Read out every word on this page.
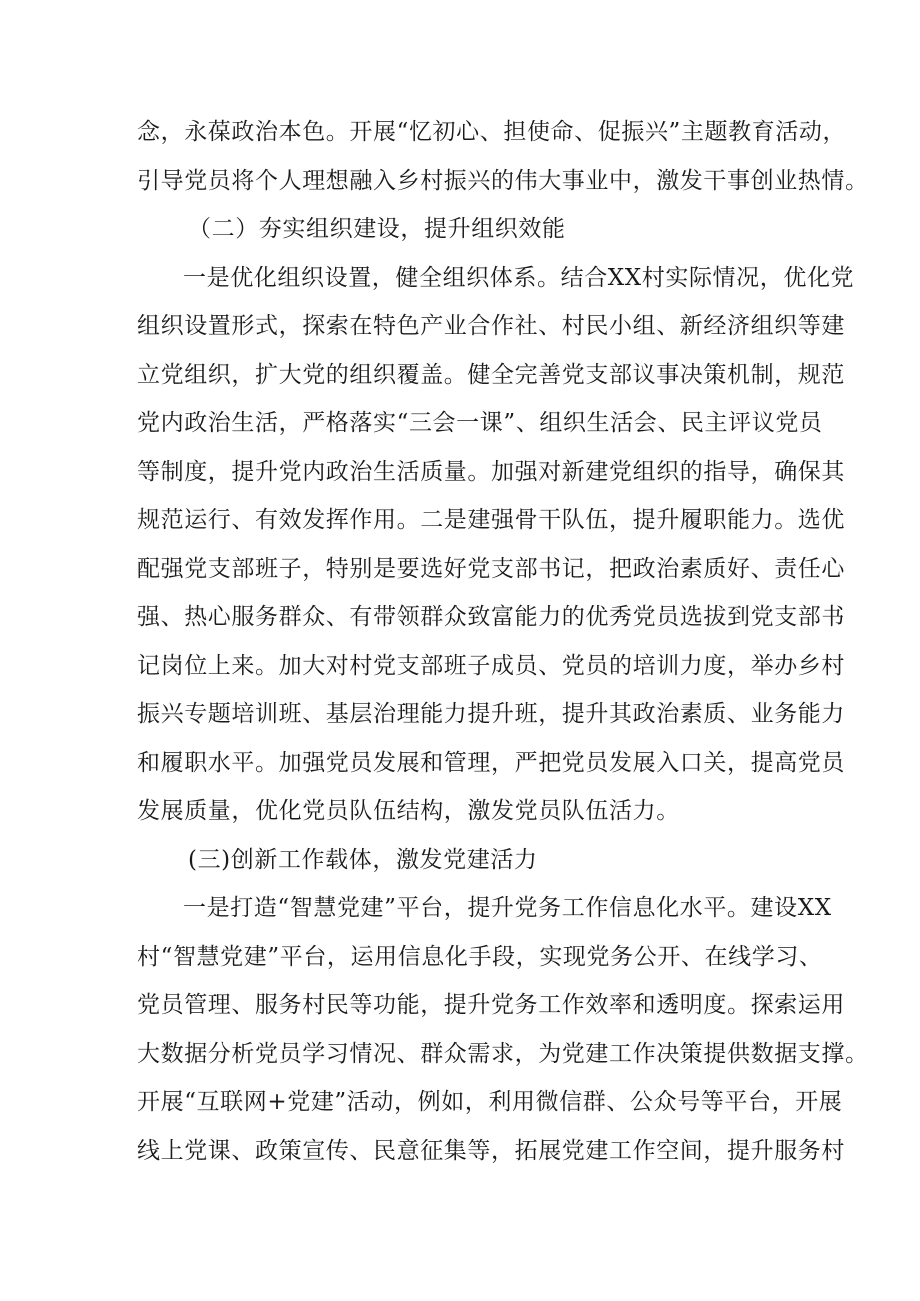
念，永葆政治本色。开展“忆初心、担使命、促振兴”主题教育活动，
引导党员将个人理想融入乡村振兴的伟大事业中，激发干事创业热情。
（二）夯实组织建设，提升组织效能
一是优化组织设置，健全组织体系。结合XX村实际情况，优化党
组织设置形式，探索在特色产业合作社、村民小组、新经济组织等建
立党组织，扩大党的组织覆盖。健全完善党支部议事决策机制，规范
党内政治生活，严格落实“三会一课”、组织生活会、民主评议党员
等制度，提升党内政治生活质量。加强对新建党组织的指导，确保其
规范运行、有效发挥作用。二是建强骨干队伍，提升履职能力。选优
配强党支部班子，特别是要选好党支部书记，把政治素质好、责任心
强、热心服务群众、有带领群众致富能力的优秀党员选拔到党支部书
记岗位上来。加大对村党支部班子成员、党员的培训力度，举办乡村
振兴专题培训班、基层治理能力提升班，提升其政治素质、业务能力
和履职水平。加强党员发展和管理，严把党员发展入口关，提高党员
发展质量，优化党员队伍结构，激发党员队伍活力。
(三)创新工作载体，激发党建活力
一是打造“智慧党建”平台，提升党务工作信息化水平。建设XX
村“智慧党建”平台，运用信息化手段，实现党务公开、在线学习、
党员管理、服务村民等功能，提升党务工作效率和透明度。探索运用
大数据分析党员学习情况、群众需求，为党建工作决策提供数据支撑。
开展“互联网+党建”活动，例如，利用微信群、公众号等平台，开展
线上党课、政策宣传、民意征集等，拓展党建工作空间，提升服务村
